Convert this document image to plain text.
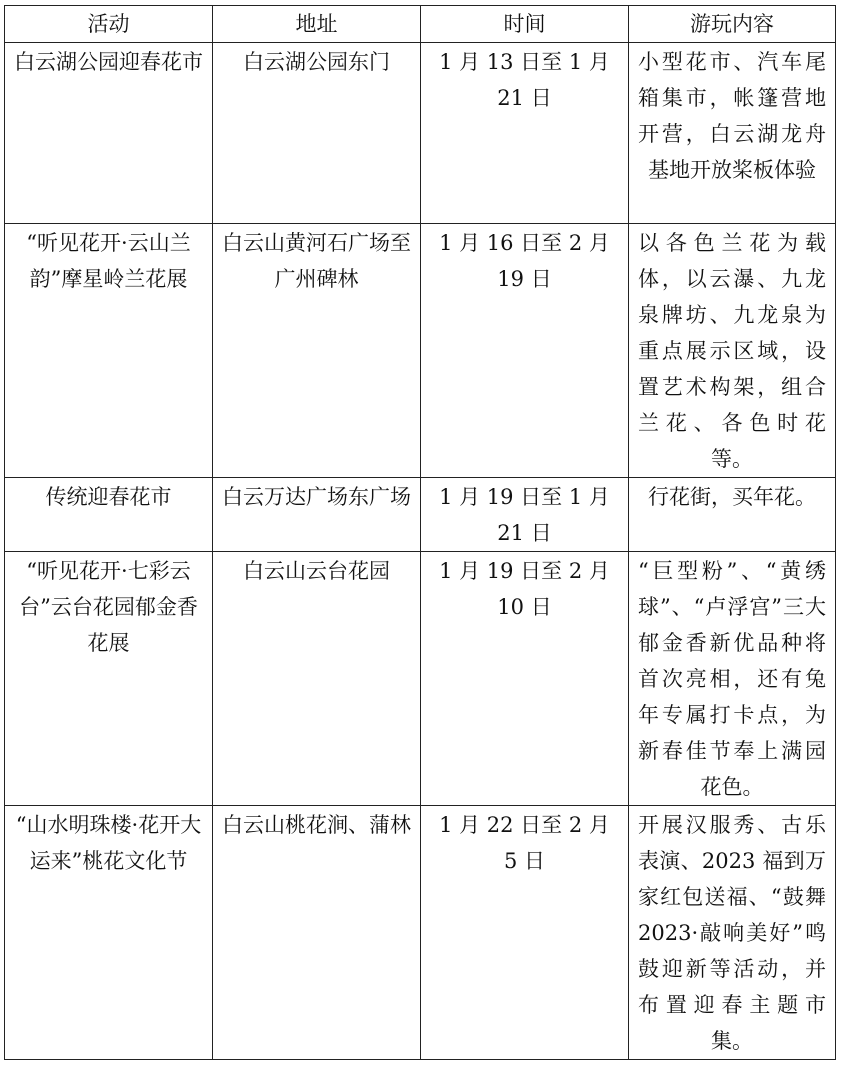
活动	地址	时间	游玩内容

白云湖公园迎春花市	白云湖公园东门	1 月 13 日至 1 月 21 日	小型花市、汽车尾箱集市，帐篷营地开营，白云湖龙舟基地开放桨板体验

“听见花开·云山兰韵”摩星岭兰花展	白云山黄河石广场至广州碑林	1 月 16 日至 2 月 19 日	以各色兰花为载体，以云瀑、九龙泉牌坊、九龙泉为重点展示区域，设置艺术构架，组合兰花、各色时花等。

传统迎春花市	白云万达广场东广场	1 月 19 日至 1 月 21 日	行花街，买年花。

“听见花开·七彩云台”云台花园郁金香花展	白云山云台花园	1 月 19 日至 2 月 10 日	“巨型粉”、“黄绣球”、“卢浮宫”三大郁金香新优品种将首次亮相，还有兔年专属打卡点，为新春佳节奉上满园花色。

“山水明珠楼·花开大运来”桃花文化节	白云山桃花涧、蒲林	1 月 22 日至 2 月 5 日	开展汉服秀、古乐表演、2023 福到万家红包送福、“鼓舞 2023·敲响美好”鸣鼓迎新等活动，并布置迎春主题市集。
